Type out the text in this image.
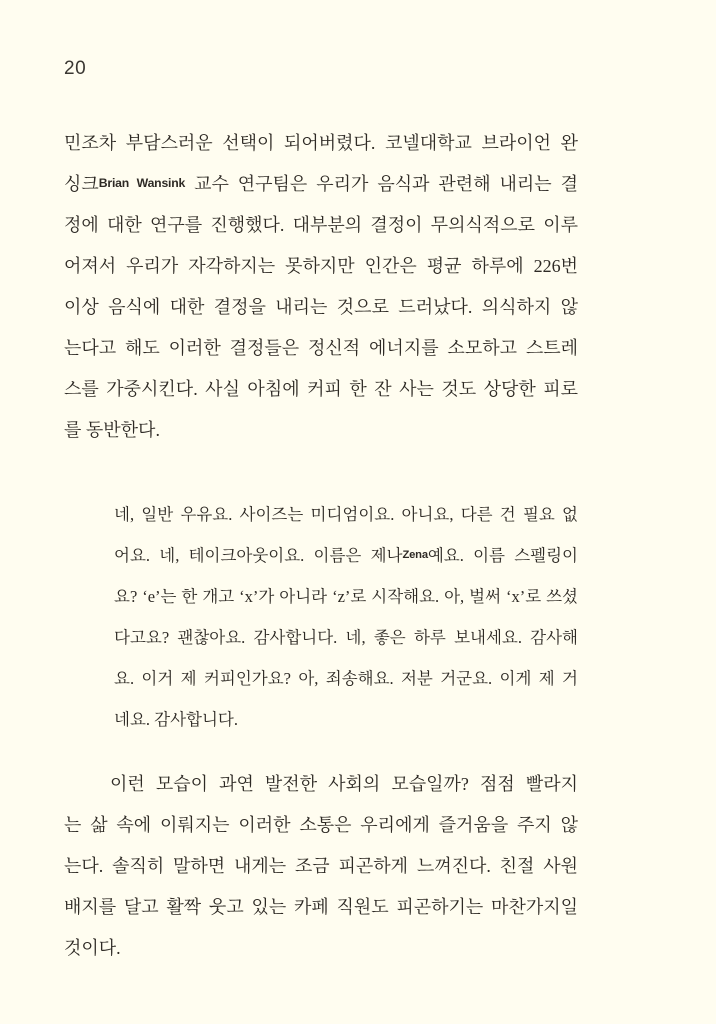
20
민조차 부담스러운 선택이 되어버렸다. 코넬대학교 브라이언 완
싱크Brian Wansink 교수 연구팀은 우리가 음식과 관련해 내리는 결
정에 대한 연구를 진행했다. 대부분의 결정이 무의식적으로 이루
어져서 우리가 자각하지는 못하지만 인간은 평균 하루에 226번
이상 음식에 대한 결정을 내리는 것으로 드러났다. 의식하지 않
는다고 해도 이러한 결정들은 정신적 에너지를 소모하고 스트레
스를 가중시킨다. 사실 아침에 커피 한 잔 사는 것도 상당한 피로
를 동반한다.
네, 일반 우유요. 사이즈는 미디엄이요. 아니요, 다른 건 필요 없
어요. 네, 테이크아웃이요. 이름은 제나Zena예요. 이름 스펠링이
요? ‘e’는 한 개고 ‘x’가 아니라 ‘z’로 시작해요. 아, 벌써 ‘x’로 쓰셨
다고요? 괜찮아요. 감사합니다. 네, 좋은 하루 보내세요. 감사해
요. 이거 제 커피인가요? 아, 죄송해요. 저분 거군요. 이게 제 거
네요. 감사합니다.
이런 모습이 과연 발전한 사회의 모습일까? 점점 빨라지
는 삶 속에 이뤄지는 이러한 소통은 우리에게 즐거움을 주지 않
는다. 솔직히 말하면 내게는 조금 피곤하게 느껴진다. 친절 사원
배지를 달고 활짝 웃고 있는 카페 직원도 피곤하기는 마찬가지일
것이다.
